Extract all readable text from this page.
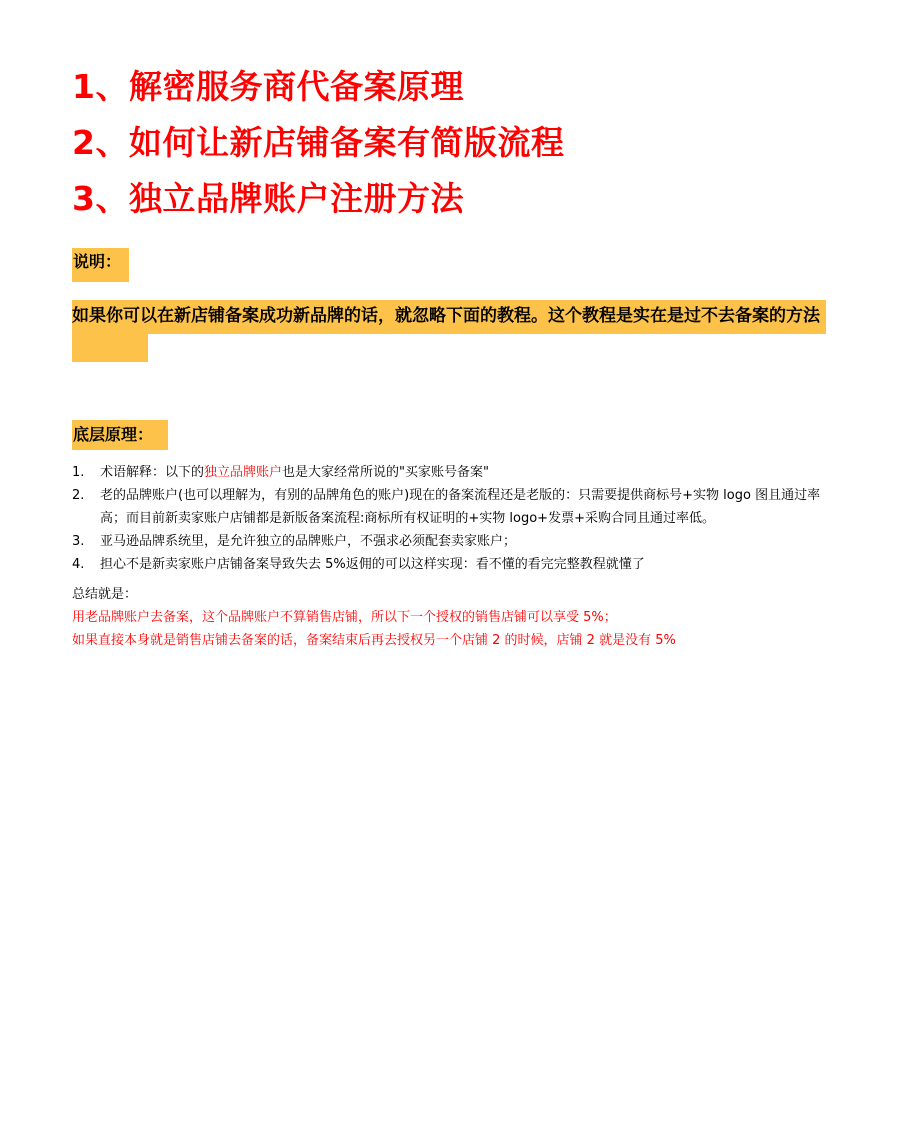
1、解密服务商代备案原理
2、如何让新店铺备案有简版流程
3、独立品牌账户注册方法
说明：

如果你可以在新店铺备案成功新品牌的话，就忽略下面的教程。这个教程是实在是过不去备案的方法

底层原理：
1. 术语解释：以下的独立品牌账户也是大家经常所说的"买家账号备案"
2. 老的品牌账户(也可以理解为，有别的品牌角色的账户)现在的备案流程还是老版的：只需要提供商标号+实物 logo 图且通过率高；而目前新卖家账户店铺都是新版备案流程:商标所有权证明的+实物 logo+发票+采购合同且通过率低。
3. 亚马逊品牌系统里，是允许独立的品牌账户，不强求必须配套卖家账户；
4. 担心不是新卖家账户店铺备案导致失去 5%返佣的可以这样实现：看不懂的看完完整教程就懂了
总结就是：
用老品牌账户去备案，这个品牌账户不算销售店铺，所以下一个授权的销售店铺可以享受 5%；
如果直接本身就是销售店铺去备案的话，备案结束后再去授权另一个店铺 2 的时候，店铺 2 就是没有 5%
